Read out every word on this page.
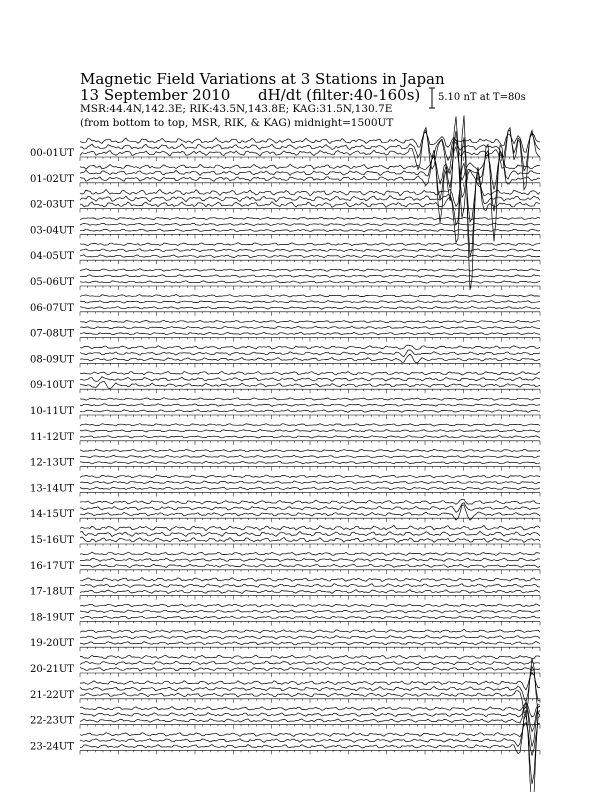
Magnetic Field Variations at 3 Stations in Japan
13 September 2010 dH/dt (filter:40-160s)
MSR:44.4N,142.3E; RIK:43.5N,143.8E; KAG:31.5N,130.7E
(from bottom to top, MSR, RIK, & KAG) midnight=1500UT
5.10 nT at T=80s
00-01UT
01-02UT
02-03UT
03-04UT
04-05UT
05-06UT
06-07UT
07-08UT
08-09UT
09-10UT
10-11UT
11-12UT
12-13UT
13-14UT
14-15UT
15-16UT
16-17UT
17-18UT
18-19UT
19-20UT
20-21UT
21-22UT
22-23UT
23-24UT
